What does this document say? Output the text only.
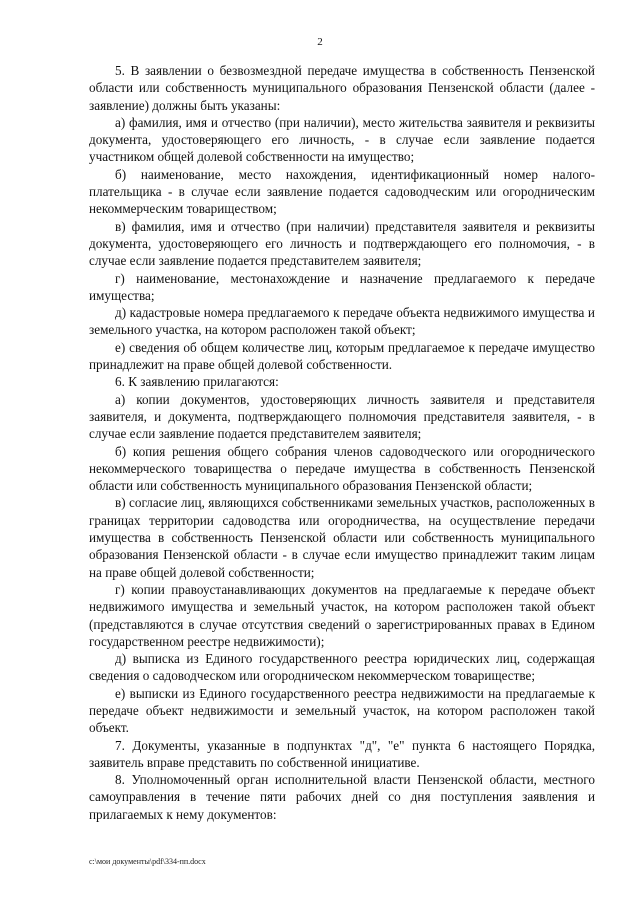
2

5. В заявлении о безвозмездной передаче имущества в собственность Пензенской области или собственность муниципального образования Пензенской области (далее - заявление) должны быть указаны:

а) фамилия, имя и отчество (при наличии), место жительства заявителя и реквизиты документа, удостоверяющего его личность, - в случае если заявление подается участником общей долевой собственности на имущество;

б) наименование, место нахождения, идентификационный номер налого-плательщика - в случае если заявление подается садоводческим или огородническим некоммерческим товариществом;

в) фамилия, имя и отчество (при наличии) представителя заявителя и реквизиты документа, удостоверяющего его личность и подтверждающего его полномочия, - в случае если заявление подается представителем заявителя;

г) наименование, местонахождение и назначение предлагаемого к передаче имущества;

д) кадастровые номера предлагаемого к передаче объекта недвижимого имущества и земельного участка, на котором расположен такой объект;

е) сведения об общем количестве лиц, которым предлагаемое к передаче имущество принадлежит на праве общей долевой собственности.

6. К заявлению прилагаются:

а) копии документов, удостоверяющих личность заявителя и представителя заявителя, и документа, подтверждающего полномочия представителя заявителя, - в случае если заявление подается представителем заявителя;

б) копия решения общего собрания членов садоводческого или огороднического некоммерческого товарищества о передаче имущества в собственность Пензенской области или собственность муниципального образования Пензенской области;

в) согласие лиц, являющихся собственниками земельных участков, расположенных в границах территории садоводства или огородничества, на осуществление передачи имущества в собственность Пензенской области или собственность муниципального образования Пензенской области - в случае если имущество принадлежит таким лицам на праве общей долевой собственности;

г) копии правоустанавливающих документов на предлагаемые к передаче объект недвижимого имущества и земельный участок, на котором расположен такой объект (представляются в случае отсутствия сведений о зарегистрированных правах в Едином государственном реестре недвижимости);

д) выписка из Единого государственного реестра юридических лиц, содержащая сведения о садоводческом или огородническом некоммерческом товариществе;

е) выписки из Единого государственного реестра недвижимости на предлагаемые к передаче объект недвижимости и земельный участок, на котором расположен такой объект.

7. Документы, указанные в подпунктах "д", "е" пункта 6 настоящего Порядка, заявитель вправе представить по собственной инициативе.

8. Уполномоченный орган исполнительной власти Пензенской области, местного самоуправления в течение пяти рабочих дней со дня поступления заявления и прилагаемых к нему документов:

c:\мои документы\pdf\334-пп.docx
